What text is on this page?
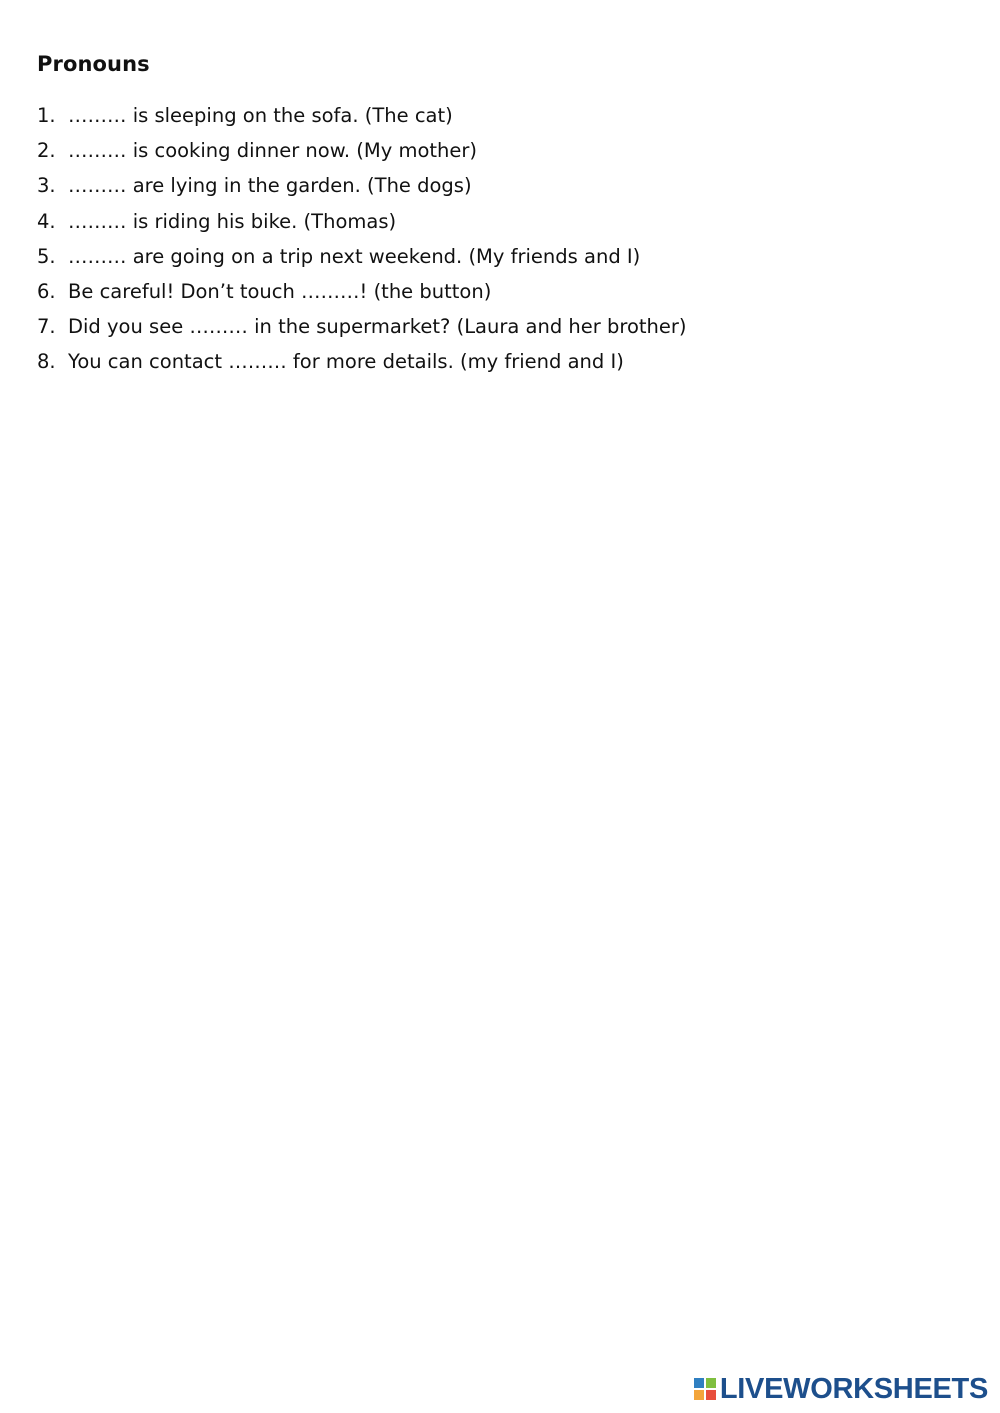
Pronouns
1. ……… is sleeping on the sofa. (The cat)
2. ……… is cooking dinner now. (My mother)
3. ……… are lying in the garden. (The dogs)
4. ……… is riding his bike. (Thomas)
5. ……… are going on a trip next weekend. (My friends and I)
6. Be careful! Don’t touch ………! (the button)
7. Did you see ……… in the supermarket? (Laura and her brother)
8. You can contact ……… for more details. (my friend and I)
LIVEWORKSHEETS
